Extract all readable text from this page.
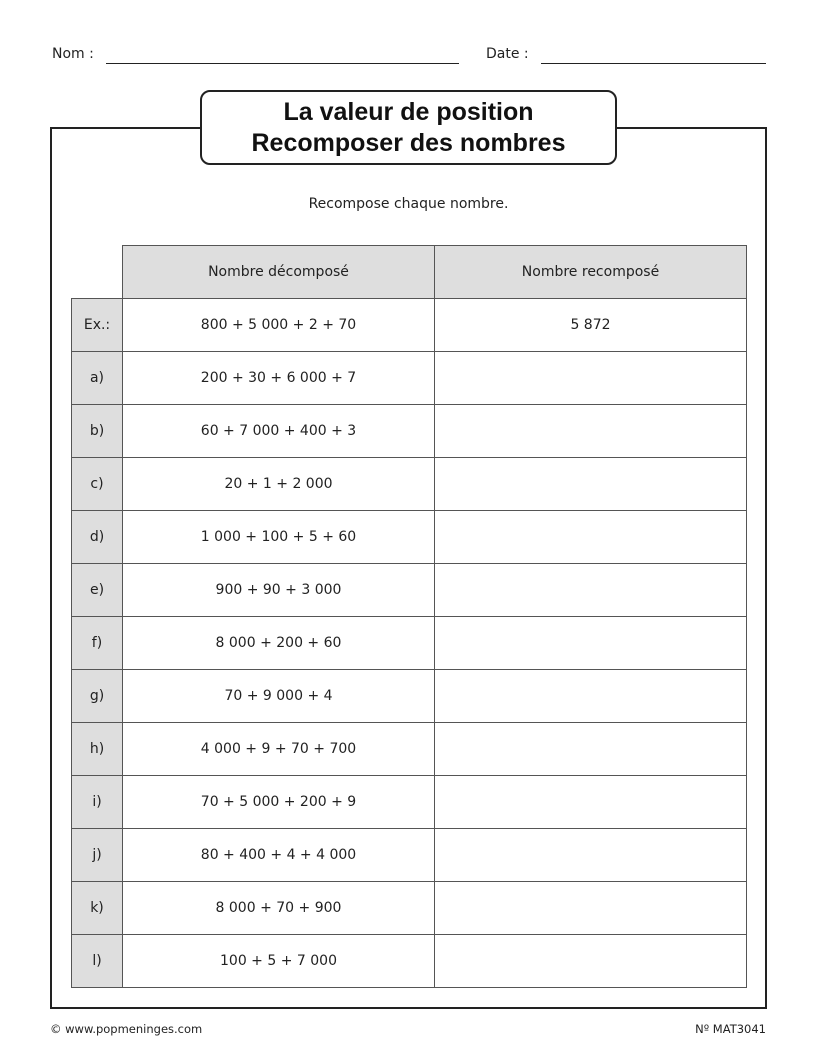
Nom :	Date :
La valeur de position
Recomposer des nombres
Recompose chaque nombre.
	Nombre décomposé	Nombre recomposé
Ex.:	800 + 5 000 + 2 + 70	5 872
a)	200 + 30 + 6 000 + 7	
b)	60 + 7 000 + 400 + 3	
c)	20 + 1 + 2 000	
d)	1 000 + 100 + 5 + 60	
e)	900 + 90 + 3 000	
f)	8 000 + 200 + 60	
g)	70 + 9 000 + 4	
h)	4 000 + 9 + 70 + 700	
i)	70 + 5 000 + 200 + 9	
j)	80 + 400 + 4 + 4 000	
k)	8 000 + 70 + 900	
l)	100 + 5 + 7 000	
© www.popmeninges.com	Nº MAT3041
